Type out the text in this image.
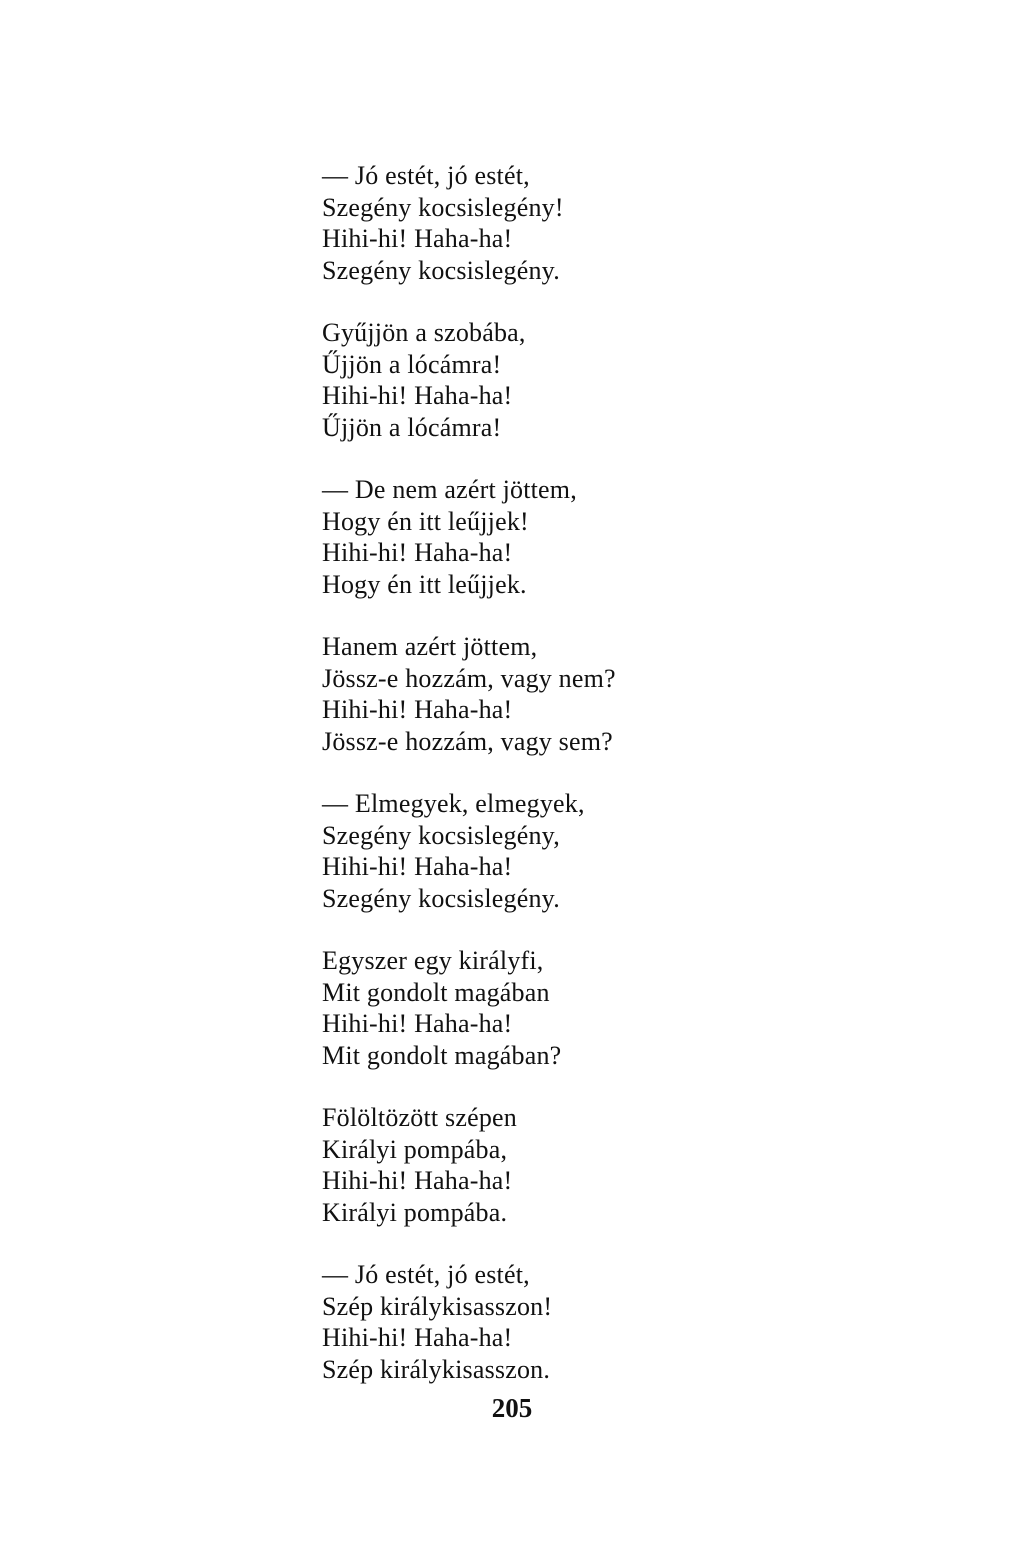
— Jó estét, jó estét,
Szegény kocsislegény!
Hihi-hi! Haha-ha!
Szegény kocsislegény.
Gyűjjön a szobába,
Űjjön a lócámra!
Hihi-hi! Haha-ha!
Űjjön a lócámra!
— De nem azért jöttem,
Hogy én itt leűjjek!
Hihi-hi! Haha-ha!
Hogy én itt leűjjek.
Hanem azért jöttem,
Jössz-e hozzám, vagy nem?
Hihi-hi! Haha-ha!
Jössz-e hozzám, vagy sem?
— Elmegyek, elmegyek,
Szegény kocsislegény,
Hihi-hi! Haha-ha!
Szegény kocsislegény.
Egyszer egy királyfi,
Mit gondolt magában
Hihi-hi! Haha-ha!
Mit gondolt magában?
Fölöltözött szépen
Királyi pompába,
Hihi-hi! Haha-ha!
Királyi pompába.
— Jó estét, jó estét,
Szép királykisasszon!
Hihi-hi! Haha-ha!
Szép királykisasszon.
205
